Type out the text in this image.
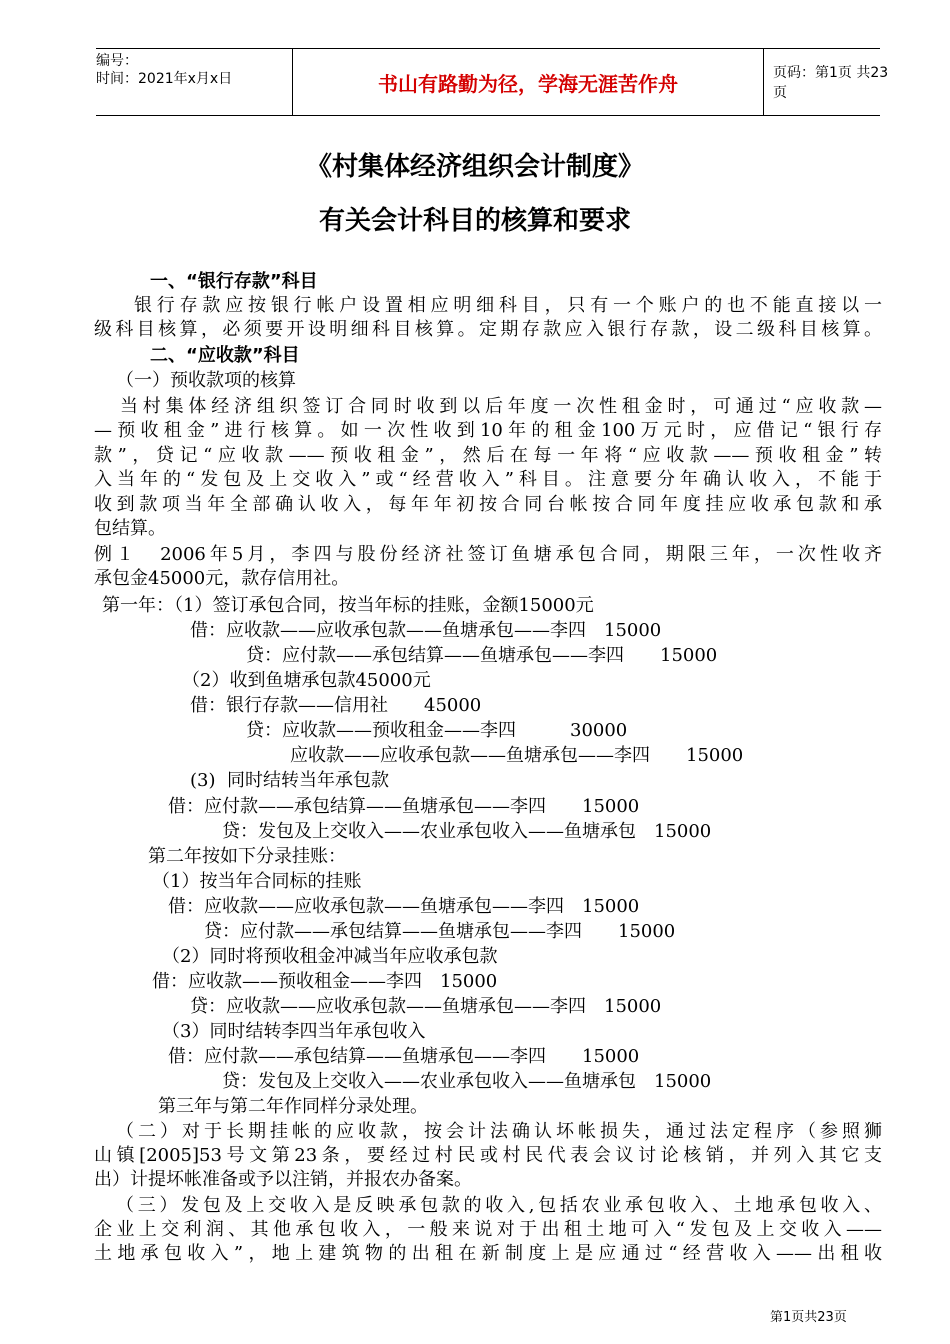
编号：
时间：2021年x月x日	书山有路勤为径，学海无涯苦作舟	页码：第1页 共23页
《村集体经济组织会计制度》
有关会计科目的核算和要求
一、“银行存款”科目
银行存款应按银行帐户设置相应明细科目，只有一个账户的也不能直接以一
级科目核算，必须要开设明细科目核算。定期存款应入银行存款，设二级科目核算。
二、“应收款”科目
（一）预收款项的核算
当村集体经济组织签订合同时收到以后年度一次性租金时，可通过“应收款—
—预收租金”进行核算。如一次性收到10年的租金100万元时，应借记“银行存
款”，贷记“应收款——预收租金”，然后在每一年将“应收款——预收租金”转
入当年的“发包及上交收入”或“经营收入”科目。注意要分年确认收入，不能于
收到款项当年全部确认收入，每年年初按合同台帐按合同年度挂应收承包款和承
包结算。
例１　2006年5月，李四与股份经济社签订鱼塘承包合同，期限三年，一次性收齐
承包金45000元，款存信用社。
第一年：（1）签订承包合同，按当年标的挂账，金额15000元
借：应收款——应收承包款——鱼塘承包——李四　15000
贷：应付款——承包结算——鱼塘承包——李四　　15000
（2）收到鱼塘承包款45000元
借：银行存款——信用社　　45000
贷：应收款——预收租金——李四　　　30000
应收款——应收承包款——鱼塘承包——李四　　15000
(3)  同时结转当年承包款
借：应付款——承包结算——鱼塘承包——李四　　15000
贷：发包及上交收入——农业承包收入——鱼塘承包　15000
第二年按如下分录挂账：
（1）按当年合同标的挂账
借：应收款——应收承包款——鱼塘承包——李四　15000
贷：应付款——承包结算——鱼塘承包——李四　　15000
（2）同时将预收租金冲减当年应收承包款
借：应收款——预收租金——李四　15000
贷：应收款——应收承包款——鱼塘承包——李四　15000
（3）同时结转李四当年承包收入
借：应付款——承包结算——鱼塘承包——李四　　15000
贷：发包及上交收入——农业承包收入——鱼塘承包　15000
第三年与第二年作同样分录处理。
（二）对于长期挂帐的应收款，按会计法确认坏帐损失，通过法定程序（参照狮
山镇[2005]53号文第23条，要经过村民或村民代表会议讨论核销，并列入其它支
出）计提坏帐准备或予以注销，并报农办备案。
（三）发包及上交收入是反映承包款的收入,包括农业承包收入、土地承包收入、
企业上交利润、其他承包收入，一般来说对于出租土地可入“发包及上交收入——
土地承包收入”，地上建筑物的出租在新制度上是应通过“经营收入——出租收
第1页共23页
